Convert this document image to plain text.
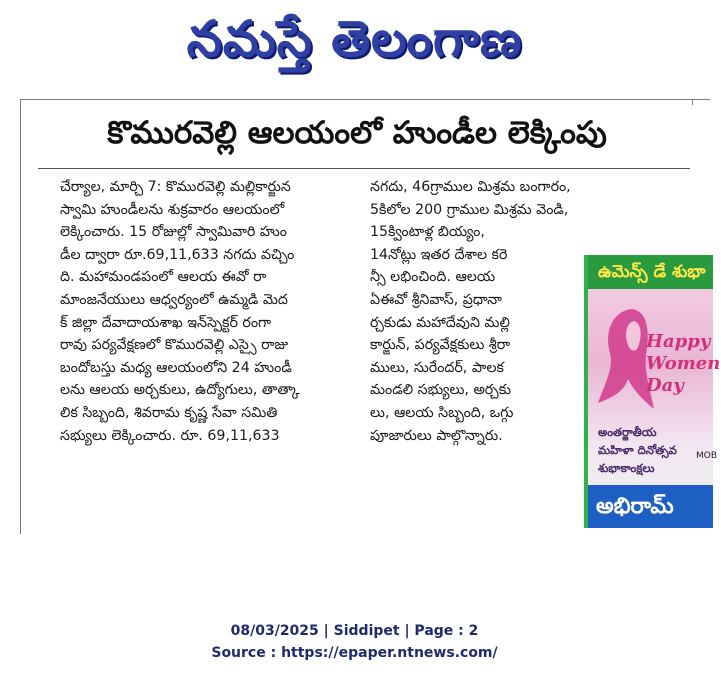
నమస్తే తెలంగాణ
కొమురవెల్లి ఆలయంలో హుండీల లెక్కింపు
చేర్యాల, మార్చి 7: కొమురవెల్లి మల్లికార్జున
స్వామి హుండీలను శుక్రవారం ఆలయంలో
లెక్కించారు. 15 రోజుల్లో స్వామివారి హుం
డీల ద్వారా రూ.69,11,633 నగదు వచ్చిం
ది. మహామండపంలో ఆలయ ఈవో రా
మాంజనేయులు ఆధ్వర్యంలో ఉమ్మడి మెద
క్ జిల్లా దేవాదాయశాఖ ఇన్‌స్పెక్టర్ రంగా
రావు పర్యవేక్షణలో కొమురవెల్లి ఎస్సై రాజు
బందోబస్తు మధ్య ఆలయంలోని 24 హుండీ
లను ఆలయ అర్చకులు, ఉద్యోగులు, తాత్కా
లిక సిబ్బంది, శివరామ కృష్ణ సేవా సమితి
సభ్యులు లెక్కించారు. రూ. 69,11,633
నగదు, 46గ్రాముల మిశ్రమ బంగారం,
5కిలోల 200 గ్రాముల మిశ్రమ వెండి,
15క్వింటాళ్ల బియ్యం,
14నోట్లు ఇతర దేశాల కరె
న్సీ లభించింది. ఆలయ
ఏఈవో శ్రీనివాస్, ప్రధానా
ర్చకుడు మహాదేవుని మల్లి
కార్జున్, పర్యవేక్షకులు శ్రీరా
ములు, సురేందర్, పాలక
మండలి సభ్యులు, అర్చకు
లు, ఆలయ సిబ్బంది, ఒగ్గు
పూజారులు పాల్గొన్నారు.
ఉమెన్స్ డే శుభా
Happy
Women
Day
అంతర్జాతీయ
మహిళా దినోత్సవ
శుభాకాంక్షలు
MOB
అభిరామ్
08/03/2025 | Siddipet | Page : 2
Source : https://epaper.ntnews.com/
